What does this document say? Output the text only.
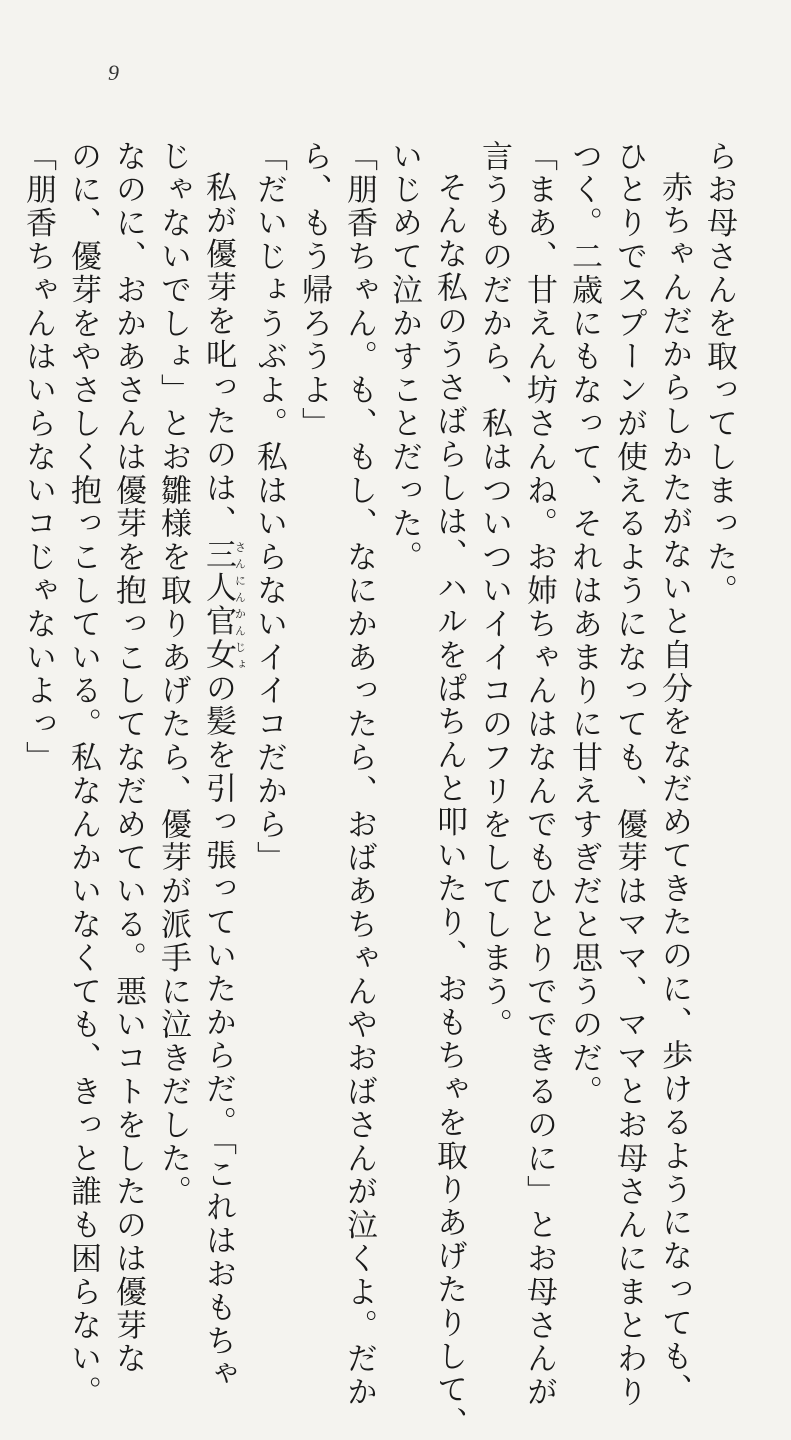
9

らお母さんを取ってしまった。

赤ちゃんだからしかたがないと自分をなだめてきたのに、歩けるようになっても、

ひとりでスプーンが使えるようになっても、優芽はママ、ママとお母さんにまとわり

つく。二歳にもなって、それはあまりに甘えすぎだと思うのだ。

「まあ、甘えん坊さんね。お姉ちゃんはなんでもひとりでできるのに」とお母さんが

言うものだから、私はついついイイコのフリをしてしまう。

そんな私のうさばらしは、ハルをぱちんと叩いたり、おもちゃを取りあげたりして、

いじめて泣かすことだった。

「朋香ちゃん。も、もし、なにかあったら、おばあちゃんやおばさんが泣くよ。だか

ら、もう帰ろうよ」

「だいじょうぶよ。私はいらないイイコだから」

私が優芽を叱ったのは、三人官女さんにんかんじょの髪を引っ張っていたからだ。「これはおもちゃ

じゃないでしょ」とお雛様を取りあげたら、優芽が派手に泣きだした。

なのに、おかあさんは優芽を抱っこしてなだめている。悪いコトをしたのは優芽な

のに、優芽をやさしく抱っこしている。私なんかいなくても、きっと誰も困らない。

「朋香ちゃんはいらないコじゃないよっ」
